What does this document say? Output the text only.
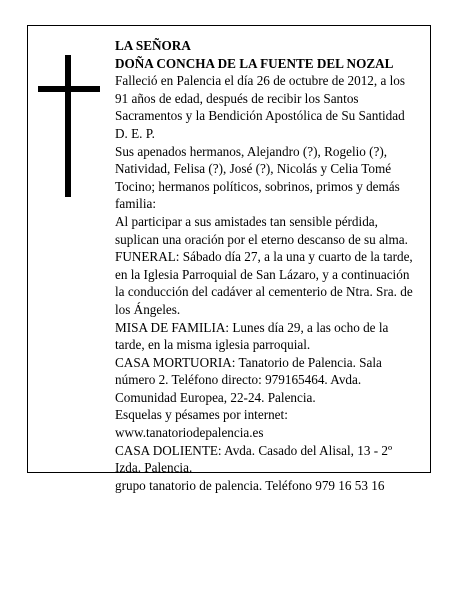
LA SEÑORA

DOÑA CONCHA DE LA FUENTE DEL NOZAL

Falleció en Palencia el día 26 de octubre de 2012, a los 91 años de edad, después de recibir los Santos Sacramentos y la Bendición Apostólica de Su Santidad D. E. P.

Sus apenados hermanos, Alejandro (?), Rogelio (?), Natividad, Felisa (?), José (?), Nicolás y Celia Tomé Tocino; hermanos políticos, sobrinos, primos y demás familia:

Al participar a sus amistades tan sensible pérdida, suplican una oración por el eterno descanso de su alma.

FUNERAL: Sábado día 27, a la una y cuarto de la tarde, en la Iglesia Parroquial de San Lázaro, y a continuación la conducción del cadáver al cementerio de Ntra. Sra. de los Ángeles.

MISA DE FAMILIA: Lunes día 29, a las ocho de la tarde, en la misma iglesia parroquial.

CASA MORTUORIA: Tanatorio de Palencia. Sala número 2. Teléfono directo: 979165464. Avda. Comunidad Europea, 22-24. Palencia.

Esquelas y pésames por internet: www.tanatoriodepalencia.es

CASA DOLIENTE: Avda. Casado del Alisal, 13 - 2º Izda. Palencia.

grupo tanatorio de palencia. Teléfono 979 16 53 16
